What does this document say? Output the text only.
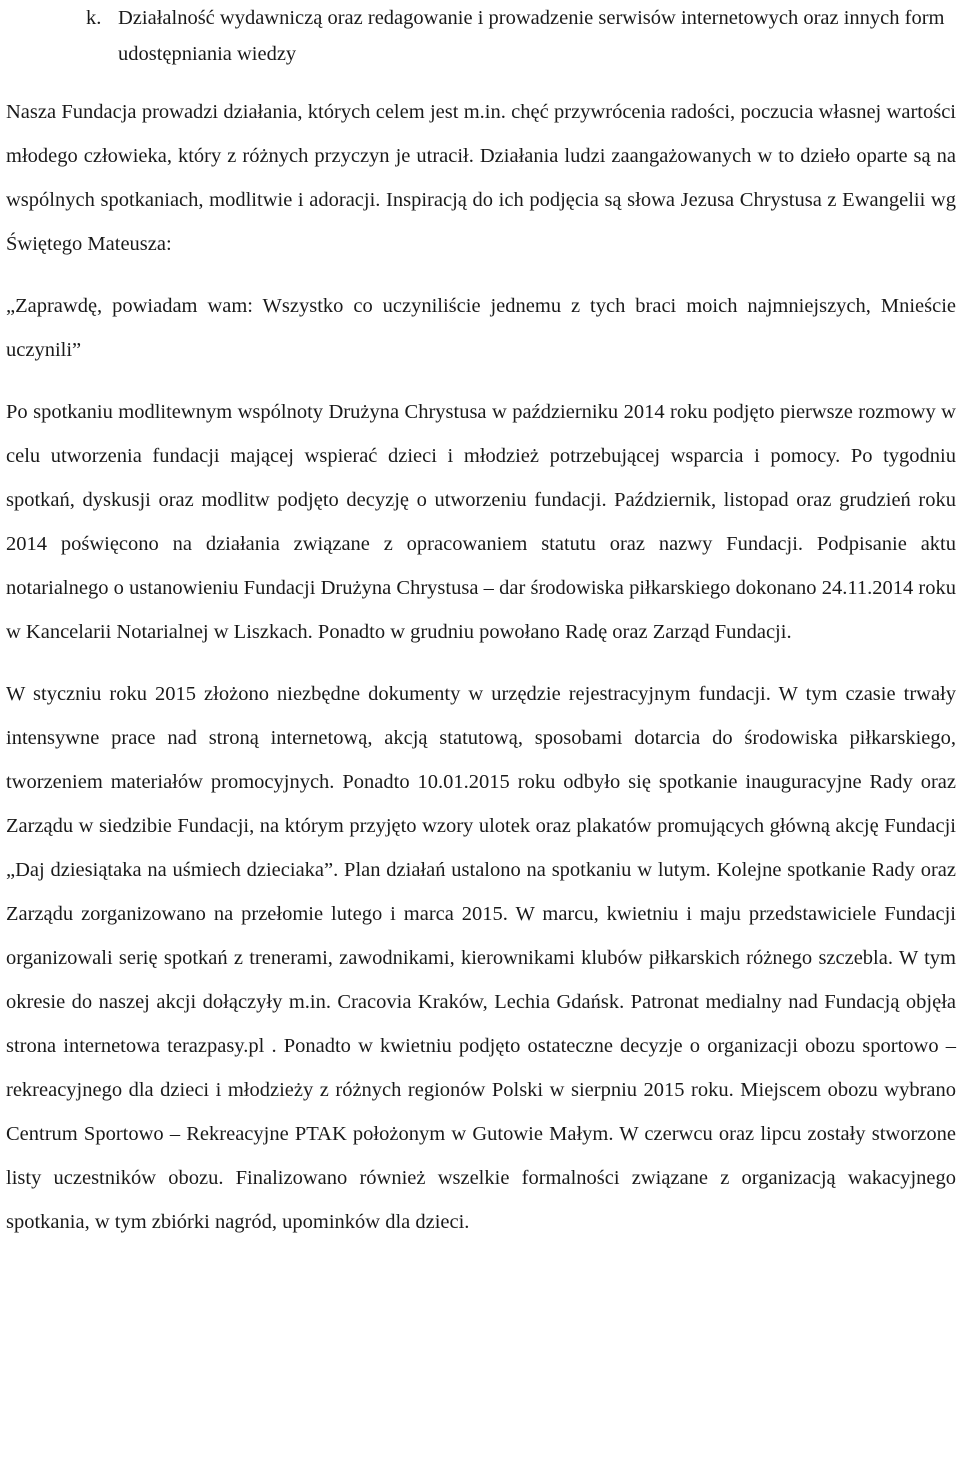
k. Działalność wydawniczą oraz redagowanie i prowadzenie serwisów internetowych oraz innych form udostępniania wiedzy
Nasza Fundacja prowadzi działania, których celem jest m.in. chęć przywrócenia radości, poczucia własnej wartości młodego człowieka, który z różnych przyczyn je utracił. Działania ludzi zaangażowanych w to dzieło oparte są na wspólnych spotkaniach, modlitwie i adoracji. Inspiracją do ich podjęcia są słowa Jezusa Chrystusa z Ewangelii wg Świętego Mateusza:
„Zaprawdę, powiadam wam: Wszystko co uczyniliście jednemu z tych braci moich najmniejszych, Mnieście uczynili”
Po spotkaniu modlitewnym wspólnoty Drużyna Chrystusa w październiku 2014 roku podjęto pierwsze rozmowy w celu utworzenia fundacji mającej wspierać dzieci i młodzież potrzebującej wsparcia i pomocy. Po tygodniu spotkań, dyskusji oraz modlitw podjęto decyzję o utworzeniu fundacji. Październik, listopad oraz grudzień roku 2014 poświęcono na działania związane z opracowaniem statutu oraz nazwy Fundacji. Podpisanie aktu notarialnego o ustanowieniu Fundacji Drużyna Chrystusa – dar środowiska piłkarskiego dokonano 24.11.2014 roku w Kancelarii Notarialnej w Liszkach. Ponadto w grudniu powołano Radę oraz Zarząd Fundacji.
W styczniu roku 2015 złożono niezbędne dokumenty w urzędzie rejestracyjnym fundacji. W tym czasie trwały intensywne prace nad stroną internetową, akcją statutową, sposobami dotarcia do środowiska piłkarskiego, tworzeniem materiałów promocyjnych. Ponadto 10.01.2015 roku odbyło się spotkanie inauguracyjne Rady oraz Zarządu w siedzibie Fundacji, na którym przyjęto wzory ulotek oraz plakatów promujących główną akcję Fundacji „Daj dziesiątaka na uśmiech dzieciaka”. Plan działań ustalono na spotkaniu w lutym. Kolejne spotkanie Rady oraz Zarządu zorganizowano na przełomie lutego i marca 2015. W marcu, kwietniu i maju przedstawiciele Fundacji organizowali serię spotkań z trenerami, zawodnikami, kierownikami klubów piłkarskich różnego szczebla. W tym okresie do naszej akcji dołączyły m.in. Cracovia Kraków, Lechia Gdańsk. Patronat medialny nad Fundacją objęła strona internetowa terazpasy.pl . Ponadto w kwietniu podjęto ostateczne decyzje o organizacji obozu sportowo – rekreacyjnego dla dzieci i młodzieży z różnych regionów Polski w sierpniu 2015 roku. Miejscem obozu wybrano Centrum Sportowo – Rekreacyjne PTAK położonym w Gutowie Małym. W czerwcu oraz lipcu zostały stworzone listy uczestników obozu. Finalizowano również wszelkie formalności związane z organizacją wakacyjnego spotkania, w tym zbiórki nagród, upominków dla dzieci.
